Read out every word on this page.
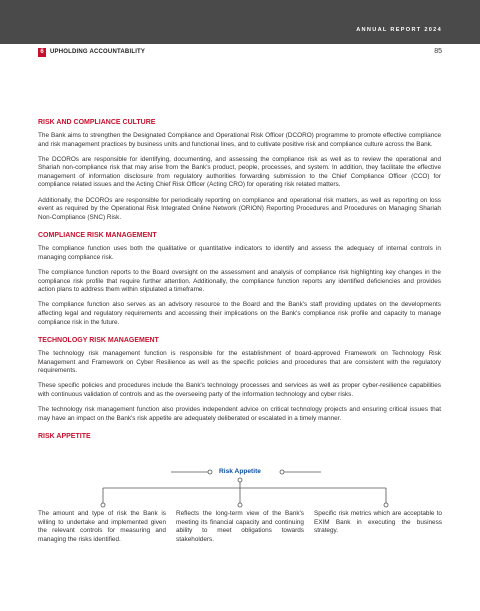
ANNUAL REPORT 2024
6	UPHOLDING ACCOUNTABILITY	85
RISK AND COMPLIANCE CULTURE

The Bank aims to strengthen the Designated Compliance and Operational Risk Officer (DCORO) programme to promote effective compliance and risk management practices by business units and functional lines, and to cultivate positive risk and compliance culture across the Bank.

The DCOROs are responsible for identifying, documenting, and assessing the compliance risk as well as to review the operational and Shariah non-compliance risk that may arise from the Bank's product, people, processes, and system. In addition, they facilitate the effective management of information disclosure from regulatory authorities forwarding submission to the Chief Compliance Officer (CCO) for compliance related issues and the Acting Chief Risk Officer (Acting CRO) for operating risk related matters.

Additionally, the DCOROs are responsible for periodically reporting on compliance and operational risk matters, as well as reporting on loss event as required by the Operational Risk Integrated Online Network (ORION) Reporting Procedures and Procedures on Managing Shariah Non-Compliance (SNC) Risk.

COMPLIANCE RISK MANAGEMENT

The compliance function uses both the qualitative or quantitative indicators to identify and assess the adequacy of internal controls in managing compliance risk.

The compliance function reports to the Board oversight on the assessment and analysis of compliance risk highlighting key changes in the compliance risk profile that require further attention. Additionally, the compliance function reports any identified deficiencies and provides action plans to address them within stipulated a timeframe.

The compliance function also serves as an advisory resource to the Board and the Bank's staff providing updates on the developments affecting legal and regulatory requirements and accessing their implications on the Bank's compliance risk profile and capacity to manage compliance risk in the future.

TECHNOLOGY RISK MANAGEMENT

The technology risk management function is responsible for the establishment of board-approved Framework on Technology Risk Management and Framework on Cyber Resilience as well as the specific policies and procedures that are consistent with the regulatory requirements.

These specific policies and procedures include the Bank's technology processes and services as well as proper cyber-resilience capabilities with continuous validation of controls and as the overseeing party of the information technology and cyber risks.

The technology risk management function also provides independent advice on critical technology projects and ensuring critical issues that may have an impact on the Bank's risk appetite are adequately deliberated or escalated in a timely manner.

RISK APPETITE
Risk Appetite
The amount and type of risk the Bank is willing to undertake and implemented given the relevant controls for measuring and managing the risks identified.
Reflects the long-term view of the Bank's meeting its financial capacity and continuing ability to meet obligations towards stakeholders.
Specific risk metrics which are acceptable to EXIM Bank in executing the business strategy.
